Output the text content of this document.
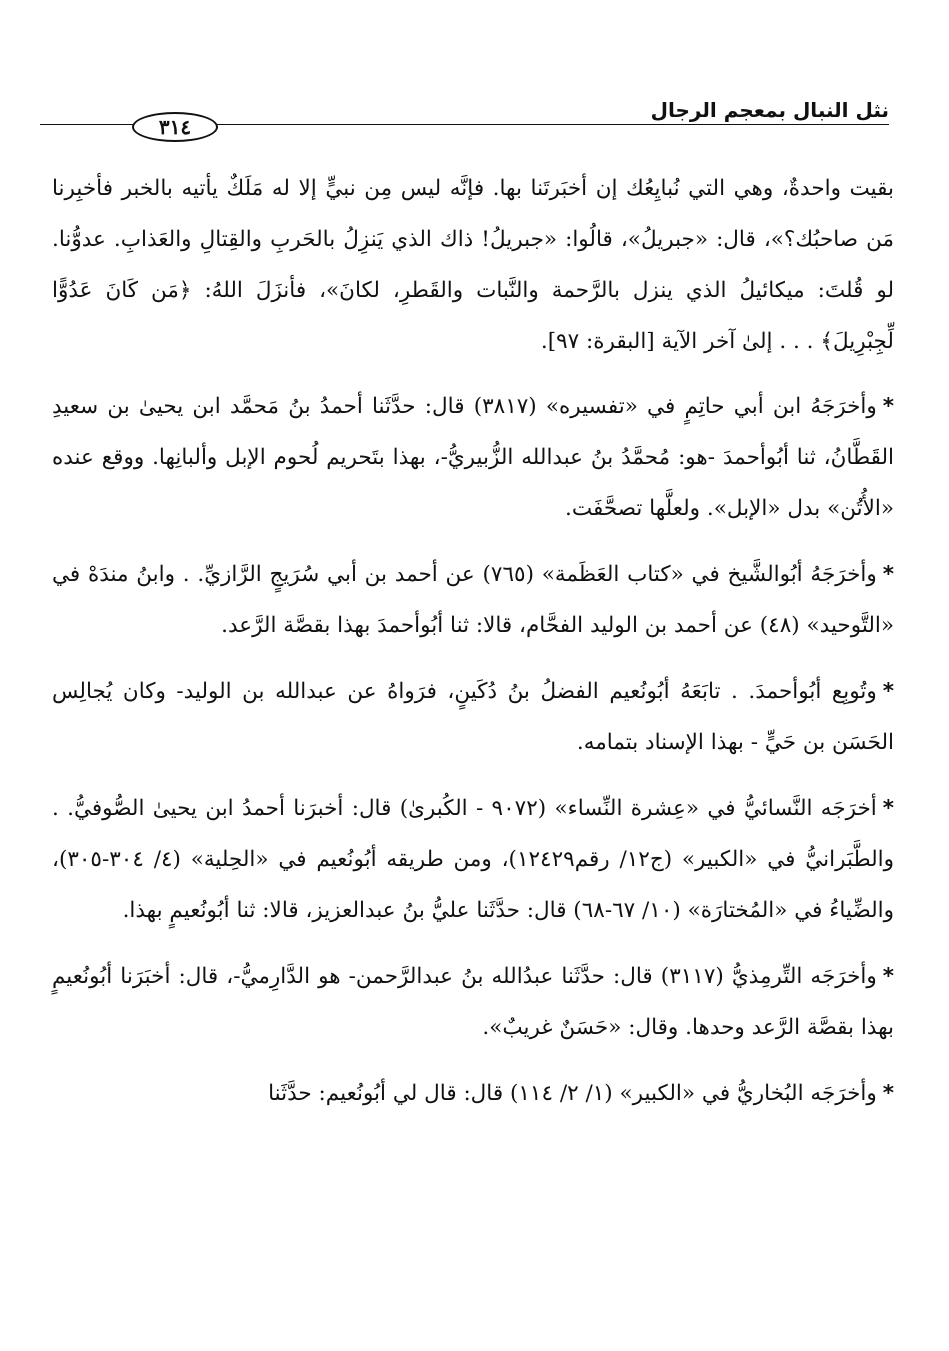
نثل النبال بمعجم الرجال
٣١٤

بقيت واحدةٌ، وهي التي نُبايِعُك إن أخبَرتَنا بها. فإنَّه ليس مِن نبيٍّ إلا له مَلَكٌ يأتيه بالخبر فأخبِرنا مَن صاحبُك؟»، قال: «جبريلُ»، قالُوا: «جبريلُ! ذاك الذي يَنزِلُ بالحَربِ والقِتالِ والعَذابِ. عدوُّنا. لو قُلتَ: ميكائيلُ الذي ينزل بالرَّحمة والنَّبات والقَطرِ، لكانَ»، فأنزَلَ اللهُ: ﴿مَن كَانَ عَدُوًّا لِّجِبْرِيلَ﴾ . . . إلىٰ آخر الآية [البقرة: ٩٧].

*وأخرَجَهُ ابن أبي حاتِمٍ في «تفسيره» (٣٨١٧) قال: حدَّثَنا أحمدُ بنُ مَحمَّد ابن يحيىٰ بن سعيدِ القَطَّانُ، ثنا أبُوأحمدَ -هو: مُحمَّدُ بنُ عبدالله الزُّبيريُّ-، بهذا بتَحريم لُحوم الإبل وألبانِها. ووقع عنده «الأُتُن» بدل «الإبل». ولعلَّها تصحَّفَت.

*وأخرَجَهُ أبُوالشَّيخ في «كتاب العَظَمة» (٧٦٥) عن أحمد بن أبي سُرَيجٍ الرَّازيِّ. . وابنُ مندَهْ في «التَّوحيد» (٤٨) عن أحمد بن الوليد الفحَّام، قالا: ثنا أبُوأحمدَ بهذا بقصَّة الرَّعد.

*وتُوبِع أبُوأحمدَ. . تابَعَهُ أبُونُعيم الفضلُ بنُ دُكَينٍ، فرَواهُ عن عبدالله بن الوليد- وكان يُجالِس الحَسَن بن حَيٍّ - بهذا الإسناد بتمامه.

*أخرَجَه النَّسائيُّ في «عِشرة النِّساء» (٩٠٧٢ - الكُبرىٰ) قال: أخبرَنا أحمدُ ابن يحيىٰ الصُّوفيُّ. . والطَّبَرانيُّ في «الكبير» (ج١٢/ رقم١٢٤٢٩)، ومن طريقه أبُونُعيم في «الحِلية» (٤/ ٣٠٤-٣٠٥)، والضِّياءُ في «المُختارَة» (١٠/ ٦٧-٦٨) قال: حدَّثَنا عليُّ بنُ عبدالعزيز، قالا: ثنا أبُونُعيمٍ بهذا.

*وأخرَجَه التِّرمِذيُّ (٣١١٧) قال: حدَّثَنا عبدُالله بنُ عبدالرَّحمن- هو الدَّارِميُّ-، قال: أخبَرَنا أبُونُعيمٍ بهذا بقصَّة الرَّعد وحدها. وقال: «حَسَنٌ غريبٌ».

*وأخرَجَه البُخاريُّ في «الكبير» (١/ ٢/ ١١٤) قال: قال لي أبُونُعيم: حدَّثَنا
